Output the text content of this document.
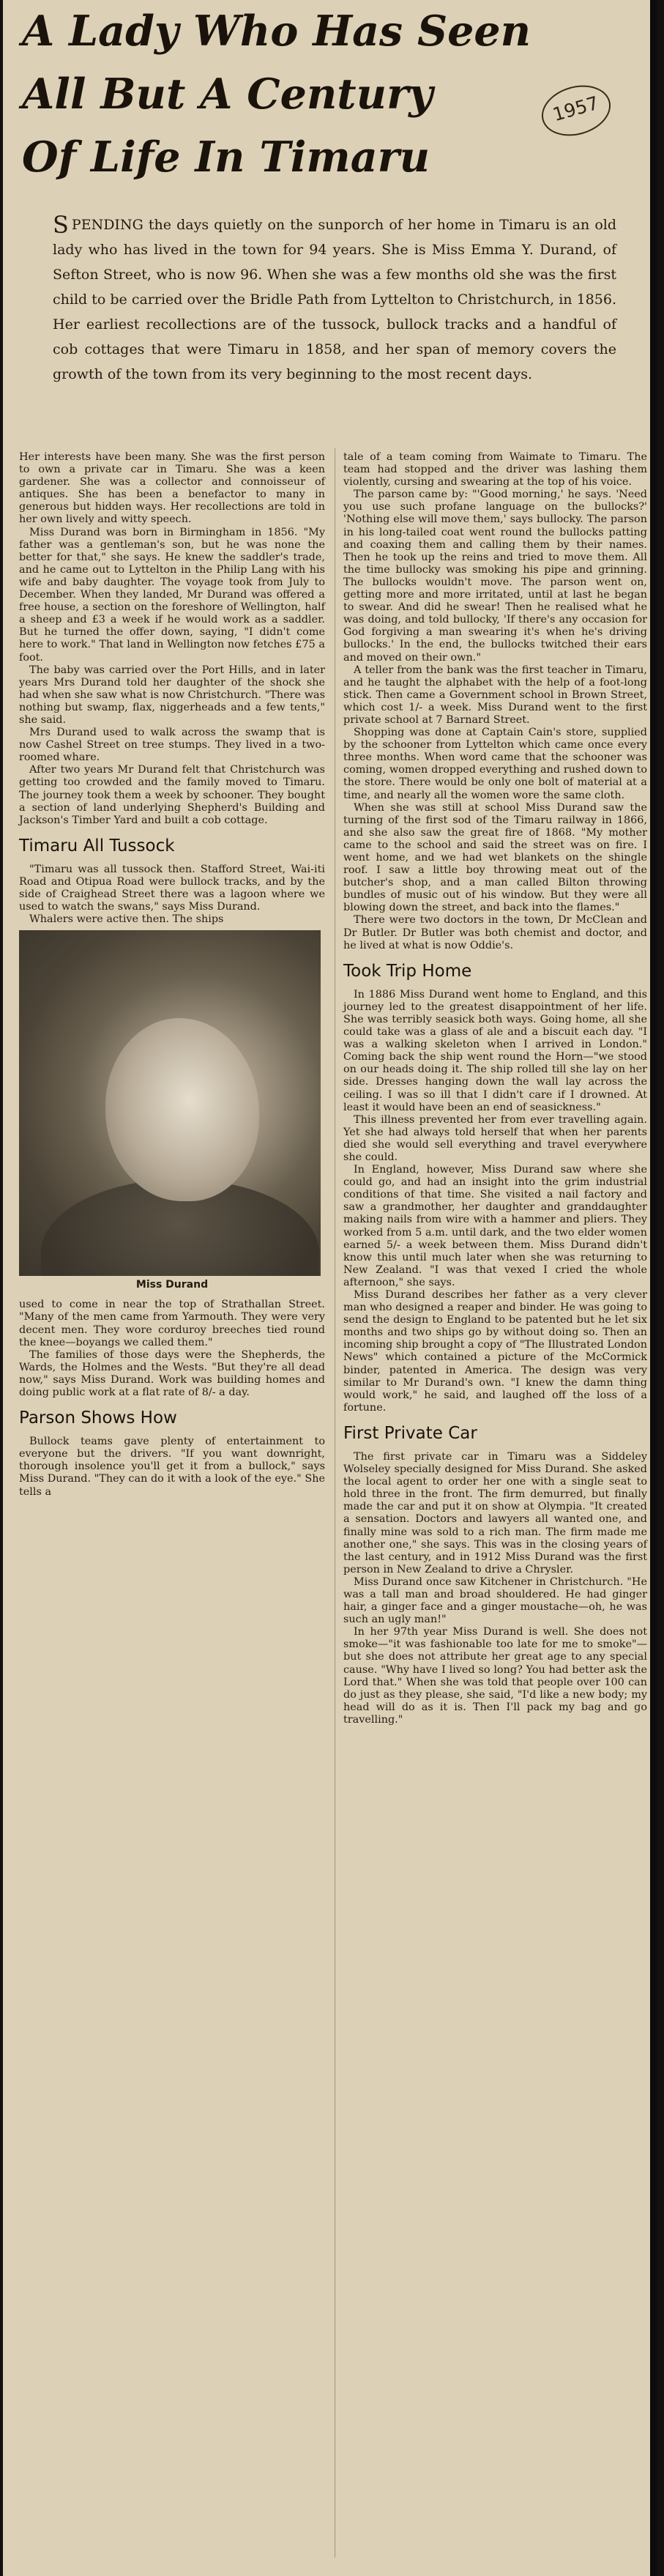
A Lady Who Has Seen
All But A Century
Of Life In Timaru
1957

SPENDING the days quietly on the sunporch of her home in Timaru is an old lady who has lived in the town for 94 years. She is Miss Emma Y. Durand, of Sefton Street, who is now 96. When she was a few months old she was the first child to be carried over the Bridle Path from Lyttelton to Christchurch, in 1856. Her earliest recollections are of the tussock, bullock tracks and a handful of cob cottages that were Timaru in 1858, and her span of memory covers the growth of the town from its very beginning to the most recent days.

Her interests have been many. She was the first person to own a private car in Timaru. She was a keen gardener. She was a collector and connoisseur of antiques. She has been a benefactor to many in generous but hidden ways. Her recollections are told in her own lively and witty speech.

Miss Durand was born in Birmingham in 1856. "My father was a gentleman's son, but he was none the better for that," she says. He knew the saddler's trade, and he came out to Lyttelton in the Philip Lang with his wife and baby daughter. The voyage took from July to December. When they landed, Mr Durand was offered a free house, a section on the foreshore of Wellington, half a sheep and £3 a week if he would work as a saddler. But he turned the offer down, saying, "I didn't come here to work." That land in Wellington now fetches £75 a foot.

The baby was carried over the Port Hills, and in later years Mrs Durand told her daughter of the shock she had when she saw what is now Christchurch. "There was nothing but swamp, flax, niggerheads and a few tents," she said.

Mrs Durand used to walk across the swamp that is now Cashel Street on tree stumps. They lived in a two-roomed whare.

After two years Mr Durand felt that Christchurch was getting too crowded and the family moved to Timaru. The journey took them a week by schooner. They bought a section of land underlying Shepherd's Building and Jackson's Timber Yard and built a cob cottage.

Timaru All Tussock

"Timaru was all tussock then. Stafford Street, Wai-iti Road and Otipua Road were bullock tracks, and by the side of Craighead Street there was a lagoon where we used to watch the swans," says Miss Durand.

Whalers were active then. The ships

Miss Durand

used to come in near the top of Strathallan Street. "Many of the men came from Yarmouth. They were very decent men. They wore corduroy breeches tied round the knee—boyangs we called them."

The families of those days were the Shepherds, the Wards, the Holmes and the Wests. "But they're all dead now," says Miss Durand. Work was building homes and doing public work at a flat rate of 8/- a day.

Parson Shows How

Bullock teams gave plenty of entertainment to everyone but the drivers. "If you want downright, thorough insolence you'll get it from a bullock," says Miss Durand. "They can do it with a look of the eye." She tells a

tale of a team coming from Waimate to Timaru. The team had stopped and the driver was lashing them violently, cursing and swearing at the top of his voice.

The parson came by: "'Good morning,' he says. 'Need you use such profane language on the bullocks?' 'Nothing else will move them,' says bullocky. The parson in his long-tailed coat went round the bullocks patting and coaxing them and calling them by their names. Then he took up the reins and tried to move them. All the time bullocky was smoking his pipe and grinning. The bullocks wouldn't move. The parson went on, getting more and more irritated, until at last he began to swear. And did he swear! Then he realised what he was doing, and told bullocky, 'If there's any occasion for God forgiving a man swearing it's when he's driving bullocks.' In the end, the bullocks twitched their ears and moved on their own."

A teller from the bank was the first teacher in Timaru, and he taught the alphabet with the help of a foot-long stick. Then came a Government school in Brown Street, which cost 1/- a week. Miss Durand went to the first private school at 7 Barnard Street.

Shopping was done at Captain Cain's store, supplied by the schooner from Lyttelton which came once every three months. When word came that the schooner was coming, women dropped everything and rushed down to the store. There would be only one bolt of material at a time, and nearly all the women wore the same cloth.

When she was still at school Miss Durand saw the turning of the first sod of the Timaru railway in 1866, and she also saw the great fire of 1868. "My mother came to the school and said the street was on fire. I went home, and we had wet blankets on the shingle roof. I saw a little boy throwing meat out of the butcher's shop, and a man called Bilton throwing bundles of music out of his window. But they were all blowing down the street, and back into the flames."

There were two doctors in the town, Dr McClean and Dr Butler. Dr Butler was both chemist and doctor, and he lived at what is now Oddie's.

Took Trip Home

In 1886 Miss Durand went home to England, and this journey led to the greatest disappointment of her life. She was terribly seasick both ways. Going home, all she could take was a glass of ale and a biscuit each day. "I was a walking skeleton when I arrived in London." Coming back the ship went round the Horn—"we stood on our heads doing it. The ship rolled till she lay on her side. Dresses hanging down the wall lay across the ceiling. I was so ill that I didn't care if I drowned. At least it would have been an end of seasickness."

This illness prevented her from ever travelling again. Yet she had always told herself that when her parents died she would sell everything and travel everywhere she could.

In England, however, Miss Durand saw where she could go, and had an insight into the grim industrial conditions of that time. She visited a nail factory and saw a grandmother, her daughter and granddaughter making nails from wire with a hammer and pliers. They worked from 5 a.m. until dark, and the two elder women earned 5/- a week between them. Miss Durand didn't know this until much later when she was returning to New Zealand. "I was that vexed I cried the whole afternoon," she says.

Miss Durand describes her father as a very clever man who designed a reaper and binder. He was going to send the design to England to be patented but he let six months and two ships go by without doing so. Then an incoming ship brought a copy of "The Illustrated London News" which contained a picture of the McCormick binder, patented in America. The design was very similar to Mr Durand's own. "I knew the damn thing would work," he said, and laughed off the loss of a fortune.

First Private Car

The first private car in Timaru was a Siddeley Wolseley specially designed for Miss Durand. She asked the local agent to order her one with a single seat to hold three in the front. The firm demurred, but finally made the car and put it on show at Olympia. "It created a sensation. Doctors and lawyers all wanted one, and finally mine was sold to a rich man. The firm made me another one," she says. This was in the closing years of the last century, and in 1912 Miss Durand was the first person in New Zealand to drive a Chrysler.

Miss Durand once saw Kitchener in Christchurch. "He was a tall man and broad shouldered. He had ginger hair, a ginger face and a ginger moustache—oh, he was such an ugly man!"

In her 97th year Miss Durand is well. She does not smoke—"it was fashionable too late for me to smoke"—but she does not attribute her great age to any special cause. "Why have I lived so long? You had better ask the Lord that." When she was told that people over 100 can do just as they please, she said, "I'd like a new body; my head will do as it is. Then I'll pack my bag and go travelling."
